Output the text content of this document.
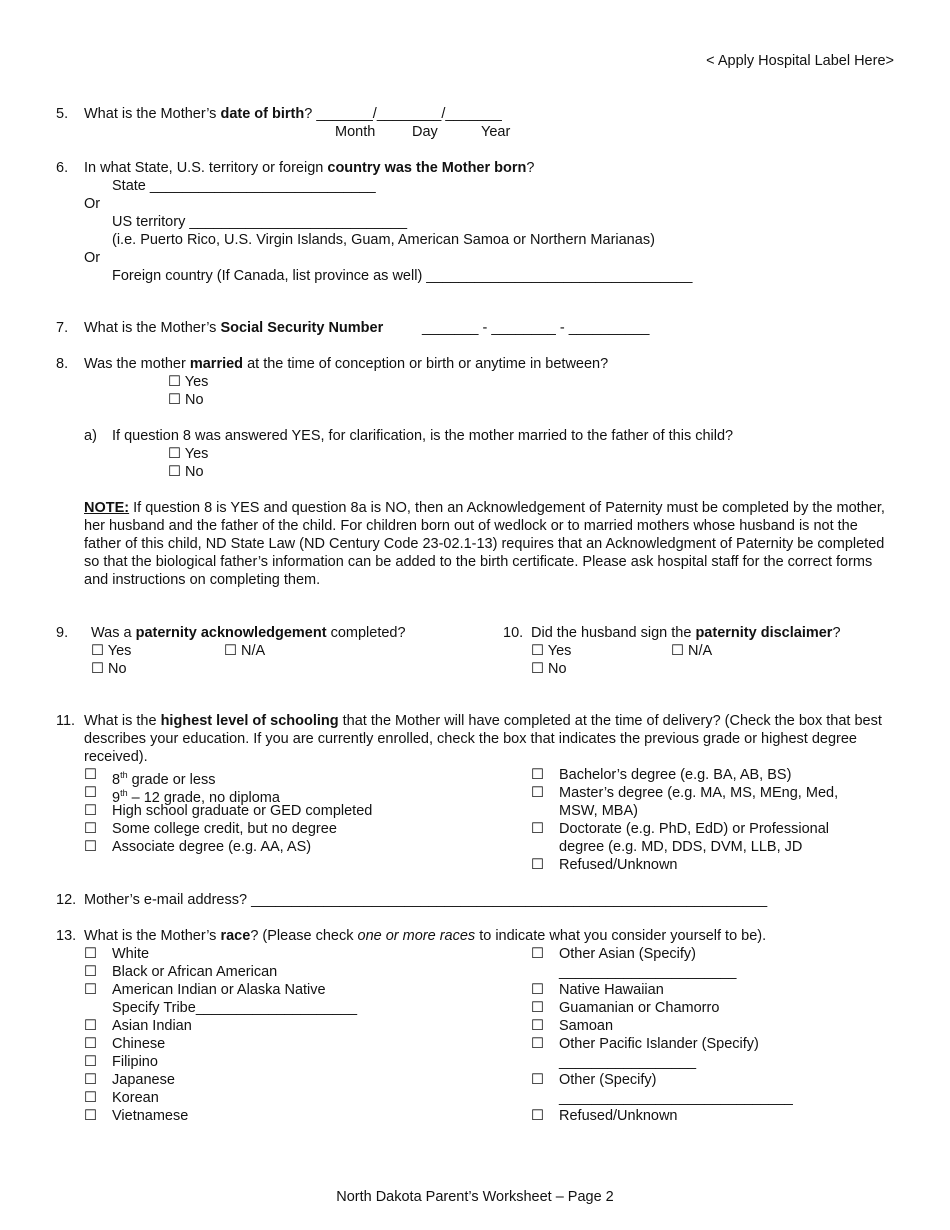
< Apply Hospital Label Here>
5. What is the Mother’s date of birth? _______/________/_______
Month	Day	Year
6. In what State, U.S. territory or foreign country was the Mother born?
State ____________________________
Or
US territory ___________________________
(i.e. Puerto Rico, U.S. Virgin Islands, Guam, American Samoa or Northern Marianas)
Or
Foreign country (If Canada, list province as well) _________________________________
7. What is the Mother’s Social Security Number	_______ - ________ - __________
8. Was the mother married at the time of conception or birth or anytime in between?
☐ Yes
☐ No
a) If question 8 was answered YES, for clarification, is the mother married to the father of this child?
☐ Yes
☐ No
NOTE: If question 8 is YES and question 8a is NO, then an Acknowledgement of Paternity must be completed by the mother, her husband and the father of the child. For children born out of wedlock or to married mothers whose husband is not the father of this child, ND State Law (ND Century Code 23-02.1-13) requires that an Acknowledgment of Paternity be completed so that the biological father’s information can be added to the birth certificate. Please ask hospital staff for the correct forms and instructions on completing them.
9. Was a paternity acknowledgement completed?
☐ Yes	☐ N/A
☐ No
10. Did the husband sign the paternity disclaimer?
☐ Yes	☐ N/A
☐ No
11. What is the highest level of schooling that the Mother will have completed at the time of delivery? (Check the box that best describes your education. If you are currently enrolled, check the box that indicates the previous grade or highest degree received).
☐ 8th grade or less
☐ 9th – 12 grade, no diploma
☐ High school graduate or GED completed
☐ Some college credit, but no degree
☐ Associate degree (e.g. AA, AS)
☐ Bachelor’s degree (e.g. BA, AB, BS)
☐ Master’s degree (e.g. MA, MS, MEng, Med,
MSW, MBA)
☐ Doctorate (e.g. PhD, EdD) or Professional
degree (e.g. MD, DDS, DVM, LLB, JD
☐ Refused/Unknown
12. Mother’s e-mail address? ________________________________________________________________
13. What is the Mother’s race? (Please check one or more races to indicate what you consider yourself to be).
☐ White
☐ Black or African American
☐ American Indian or Alaska Native
Specify Tribe____________________
☐ Asian Indian
☐ Chinese
☐ Filipino
☐ Japanese
☐ Korean
☐ Vietnamese
☐ Other Asian (Specify)
______________________
☐ Native Hawaiian
☐ Guamanian or Chamorro
☐ Samoan
☐ Other Pacific Islander (Specify)
_________________
☐ Other (Specify)
_____________________________
☐ Refused/Unknown
North Dakota Parent’s Worksheet – Page 2
